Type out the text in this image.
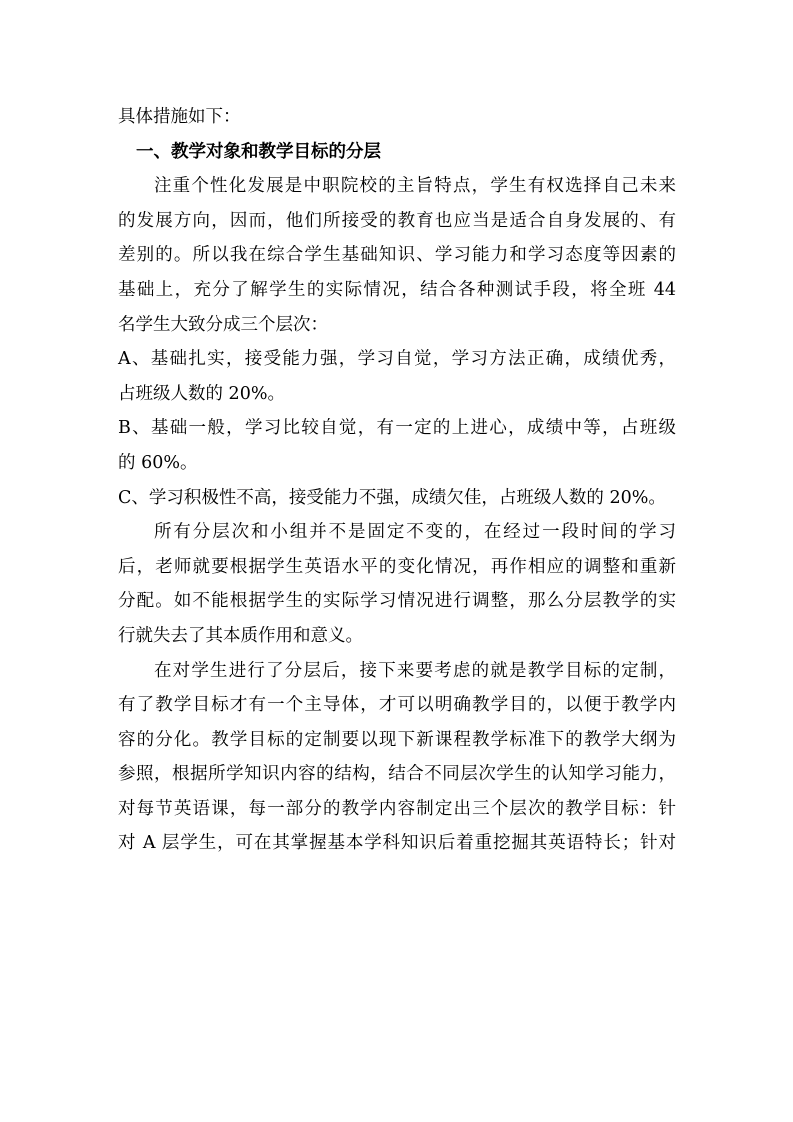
具体措施如下：
一、教学对象和教学目标的分层
注重个性化发展是中职院校的主旨特点，学生有权选择自己未来
的发展方向，因而，他们所接受的教育也应当是适合自身发展的、有
差别的。所以我在综合学生基础知识、学习能力和学习态度等因素的
基础上，充分了解学生的实际情况，结合各种测试手段，将全班 44
名学生大致分成三个层次：
A、基础扎实，接受能力强，学习自觉，学习方法正确，成绩优秀，
占班级人数的 20%。
B、基础一般，学习比较自觉，有一定的上进心，成绩中等，占班级
的 60%。
C、学习积极性不高，接受能力不强，成绩欠佳，占班级人数的 20%。
所有分层次和小组并不是固定不变的，在经过一段时间的学习
后，老师就要根据学生英语水平的变化情况，再作相应的调整和重新
分配。如不能根据学生的实际学习情况进行调整，那么分层教学的实
行就失去了其本质作用和意义。
在对学生进行了分层后，接下来要考虑的就是教学目标的定制，
有了教学目标才有一个主导体，才可以明确教学目的，以便于教学内
容的分化。教学目标的定制要以现下新课程教学标准下的教学大纲为
参照，根据所学知识内容的结构，结合不同层次学生的认知学习能力，
对每节英语课，每一部分的教学内容制定出三个层次的教学目标：针
对 A 层学生，可在其掌握基本学科知识后着重挖掘其英语特长；针对
